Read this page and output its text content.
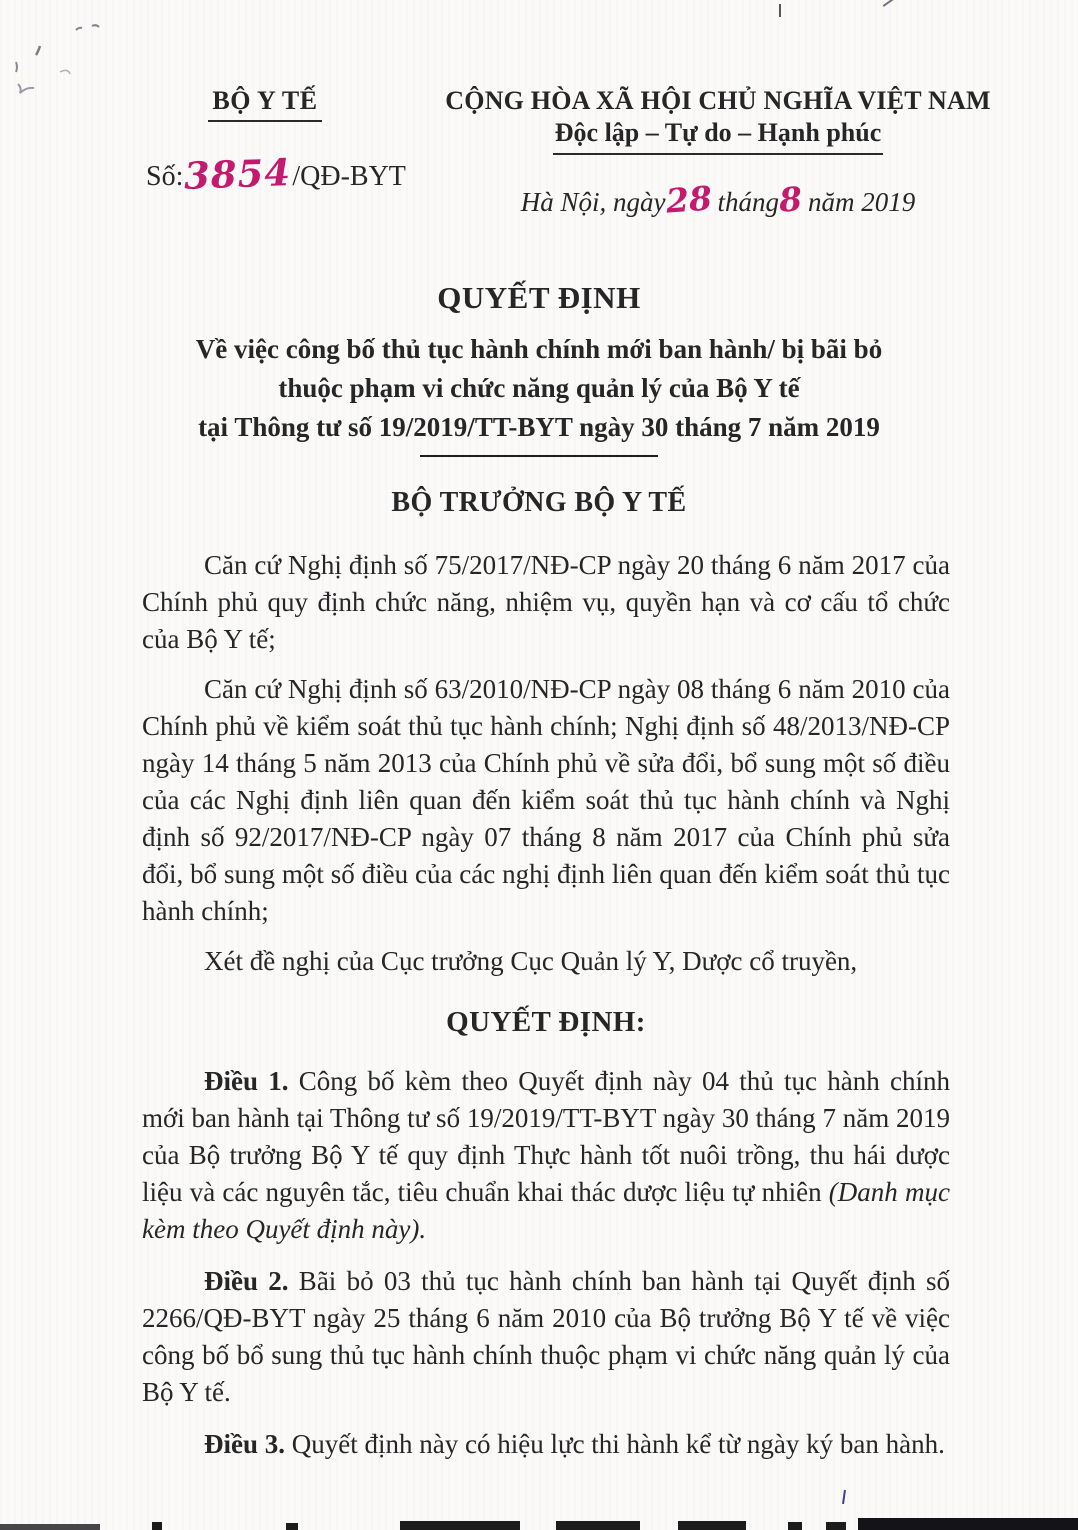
BỘ Y TẾ
Số:3854/QĐ-BYT
CỘNG HÒA XÃ HỘI CHỦ NGHĨA VIỆT NAM
Độc lập – Tự do – Hạnh phúc
Hà Nội, ngày28 tháng8 năm 2019
QUYẾT ĐỊNH
Về việc công bố thủ tục hành chính mới ban hành/ bị bãi bỏ
thuộc phạm vi chức năng quản lý của Bộ Y tế
tại Thông tư số 19/2019/TT-BYT ngày 30 tháng 7 năm 2019
BỘ TRƯỞNG BỘ Y TẾ

Căn cứ Nghị định số 75/2017/NĐ-CP ngày 20 tháng 6 năm 2017 của Chính phủ quy định chức năng, nhiệm vụ, quyền hạn và cơ cấu tổ chức của Bộ Y tế;

Căn cứ Nghị định số 63/2010/NĐ-CP ngày 08 tháng 6 năm 2010 của Chính phủ về kiểm soát thủ tục hành chính; Nghị định số 48/2013/NĐ-CP ngày 14 tháng 5 năm 2013 của Chính phủ về sửa đổi, bổ sung một số điều của các Nghị định liên quan đến kiểm soát thủ tục hành chính và Nghị định số 92/2017/NĐ-CP ngày 07 tháng 8 năm 2017 của Chính phủ sửa đổi, bổ sung một số điều của các nghị định liên quan đến kiểm soát thủ tục hành chính;

Xét đề nghị của Cục trưởng Cục Quản lý Y, Dược cổ truyền,

QUYẾT ĐỊNH:

Điều 1. Công bố kèm theo Quyết định này 04 thủ tục hành chính mới ban hành tại Thông tư số 19/2019/TT-BYT ngày 30 tháng 7 năm 2019 của Bộ trưởng Bộ Y tế quy định Thực hành tốt nuôi trồng, thu hái dược liệu và các nguyên tắc, tiêu chuẩn khai thác dược liệu tự nhiên (Danh mục kèm theo Quyết định này).

Điều 2. Bãi bỏ 03 thủ tục hành chính ban hành tại Quyết định số 2266/QĐ-BYT ngày 25 tháng 6 năm 2010 của Bộ trưởng Bộ Y tế về việc công bố bổ sung thủ tục hành chính thuộc phạm vi chức năng quản lý của Bộ Y tế.

Điều 3. Quyết định này có hiệu lực thi hành kể từ ngày ký ban hành.
